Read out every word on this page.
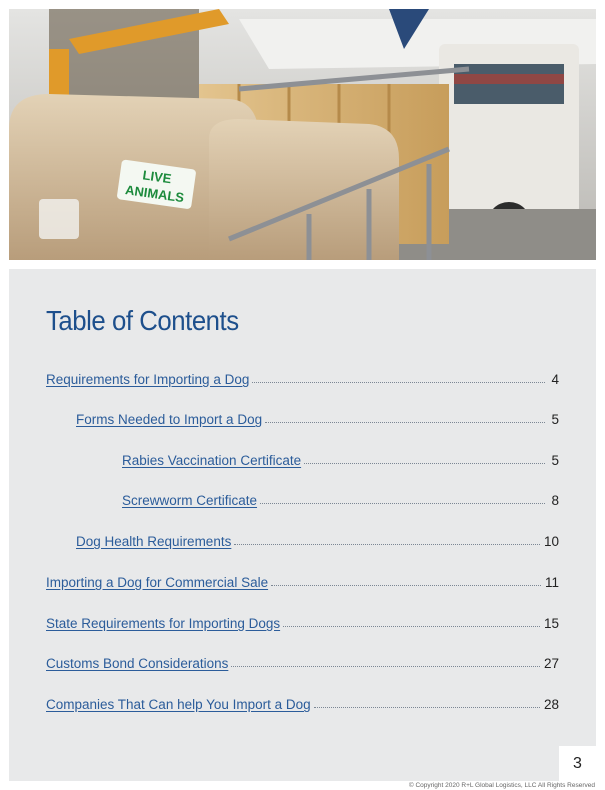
LIVE
ANIMALS
Table of Contents
Requirements for Importing a Dog	4
Forms Needed to Import a Dog	5
Rabies Vaccination Certificate	5
Screwworm Certificate	8
Dog Health Requirements	10
Importing a Dog for Commercial Sale	11
State Requirements for Importing Dogs	15
Customs Bond Considerations	27
Companies That Can help You Import a Dog	28
3
© Copyright 2020 R+L Global Logistics, LLC All Rights Reserved
